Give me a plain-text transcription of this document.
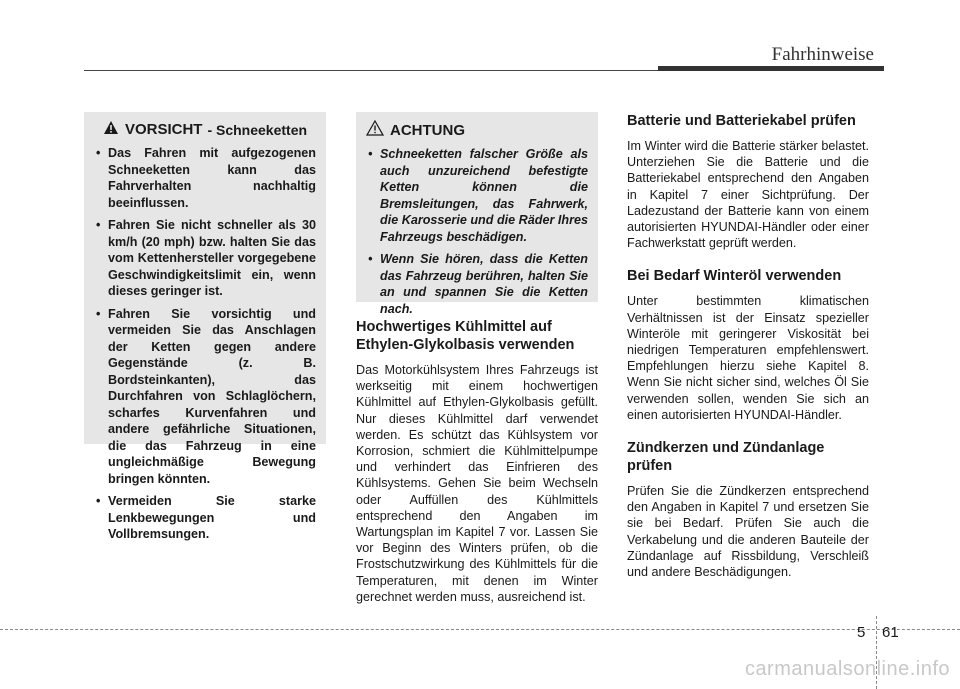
Fahrhinweise
VORSICHT - Schneeketten
• Das Fahren mit aufgezogenen Schneeketten kann das Fahrverhalten nachhaltig beeinflussen.
• Fahren Sie nicht schneller als 30 km/h (20 mph) bzw. halten Sie das vom Kettenhersteller vorgegebene Geschwindigkeitslimit ein, wenn dieses geringer ist.
• Fahren Sie vorsichtig und vermeiden Sie das Anschlagen der Ketten gegen andere Gegenstände (z. B. Bordsteinkanten), das Durchfahren von Schlaglöchern, scharfes Kurvenfahren und andere gefährliche Situationen, die das Fahrzeug in eine ungleichmäßige Bewegung bringen könnten.
• Vermeiden Sie starke Lenkbewegungen und Vollbremsungen.
ACHTUNG
• Schneeketten falscher Größe als auch unzureichend befestigte Ketten können die Bremsleitungen, das Fahrwerk, die Karosserie und die Räder Ihres Fahrzeugs beschädigen.
• Wenn Sie hören, dass die Ketten das Fahrzeug berühren, halten Sie an und spannen Sie die Ketten nach.
Hochwertiges Kühlmittel auf Ethylen-Glykolbasis verwenden

Das Motorkühlsystem Ihres Fahrzeugs ist werkseitig mit einem hochwertigen Kühlmittel auf Ethylen-Glykolbasis gefüllt. Nur dieses Kühlmittel darf verwendet werden. Es schützt das Kühlsystem vor Korrosion, schmiert die Kühlmittelpumpe und verhindert das Einfrieren des Kühlsystems. Gehen Sie beim Wechseln oder Auffüllen des Kühlmittels entsprechend den Angaben im Wartungsplan im Kapitel 7 vor. Lassen Sie vor Beginn des Winters prüfen, ob die Frostschutzwirkung des Kühlmittels für die Temperaturen, mit denen im Winter gerechnet werden muss, ausreichend ist.

Batterie und Batteriekabel prüfen

Im Winter wird die Batterie stärker belastet. Unterziehen Sie die Batterie und die Batteriekabel entsprechend den Angaben in Kapitel 7 einer Sichtprüfung. Der Ladezustand der Batterie kann von einem autorisierten HYUNDAI-Händler oder einer Fachwerkstatt geprüft werden.

Bei Bedarf Winteröl verwenden

Unter bestimmten klimatischen Verhältnissen ist der Einsatz spezieller Winteröle mit geringerer Viskosität bei niedrigen Temperaturen empfehlenswert. Empfehlungen hierzu siehe Kapitel 8. Wenn Sie nicht sicher sind, welches Öl Sie verwenden sollen, wenden Sie sich an einen autorisierten HYUNDAI-Händler.

Zündkerzen und Zündanlage prüfen

Prüfen Sie die Zündkerzen entsprechend den Angaben in Kapitel 7 und ersetzen Sie sie bei Bedarf. Prüfen Sie auch die Verkabelung und die anderen Bauteile der Zündanlage auf Rissbildung, Verschleiß und andere Beschädigungen.

5 61
carmanualsonline.info
